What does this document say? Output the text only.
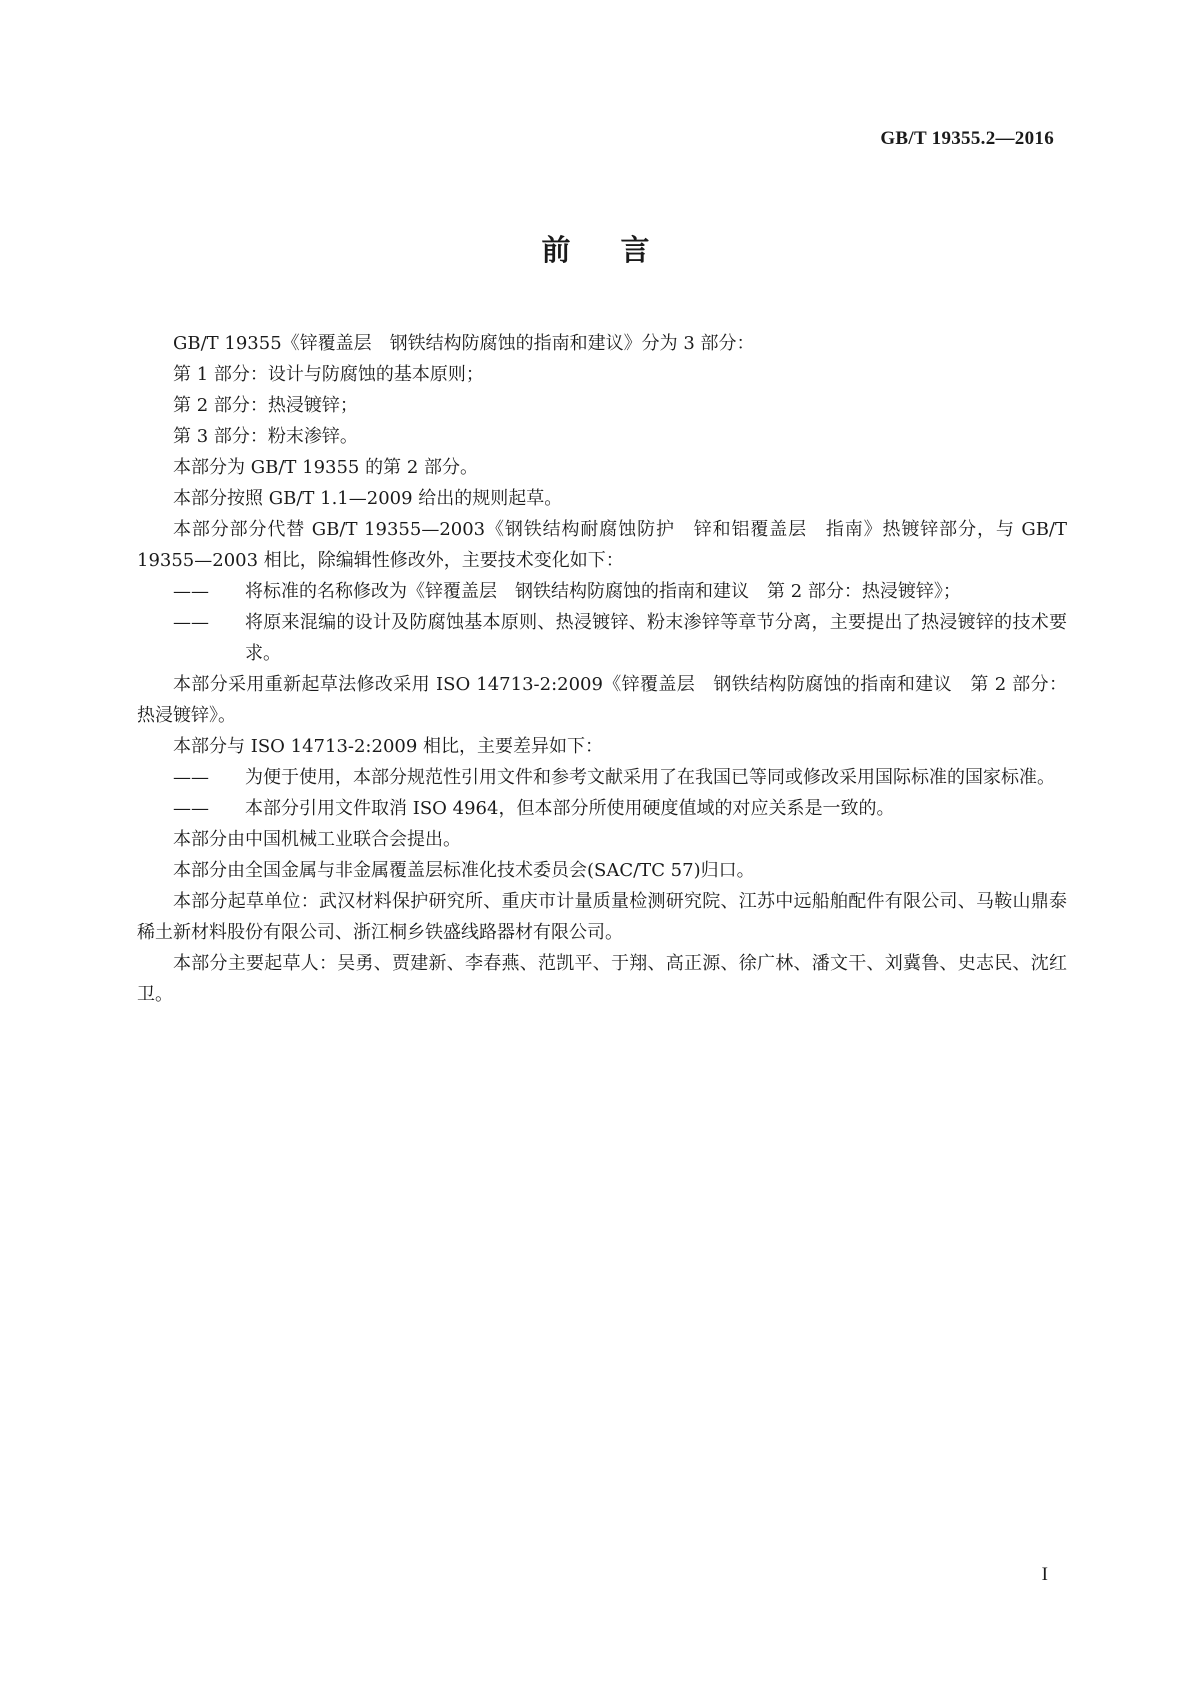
GB/T 19355.2—2016
前言

GB/T 19355《锌覆盖层　钢铁结构防腐蚀的指南和建议》分为 3 部分：

第 1 部分：设计与防腐蚀的基本原则；

第 2 部分：热浸镀锌；

第 3 部分：粉末渗锌。

本部分为 GB/T 19355 的第 2 部分。

本部分按照 GB/T 1.1—2009 给出的规则起草。

本部分部分代替 GB/T 19355—2003《钢铁结构耐腐蚀防护　锌和铝覆盖层　指南》热镀锌部分，与 GB/T 19355—2003 相比，除编辑性修改外，主要技术变化如下：

——	将标准的名称修改为《锌覆盖层　钢铁结构防腐蚀的指南和建议　第 2 部分：热浸镀锌》；

——	将原来混编的设计及防腐蚀基本原则、热浸镀锌、粉末渗锌等章节分离，主要提出了热浸镀锌的技术要求。

本部分采用重新起草法修改采用 ISO 14713-2:2009《锌覆盖层　钢铁结构防腐蚀的指南和建议　第 2 部分：热浸镀锌》。

本部分与 ISO 14713-2:2009 相比，主要差异如下：

——	为便于使用，本部分规范性引用文件和参考文献采用了在我国已等同或修改采用国际标准的国家标准。

——	本部分引用文件取消 ISO 4964，但本部分所使用硬度值域的对应关系是一致的。

本部分由中国机械工业联合会提出。

本部分由全国金属与非金属覆盖层标准化技术委员会(SAC/TC 57)归口。

本部分起草单位：武汉材料保护研究所、重庆市计量质量检测研究院、江苏中远船舶配件有限公司、马鞍山鼎泰稀土新材料股份有限公司、浙江桐乡铁盛线路器材有限公司。

本部分主要起草人：吴勇、贾建新、李春燕、范凯平、于翔、高正源、徐广林、潘文干、刘冀鲁、史志民、沈红卫。

I
